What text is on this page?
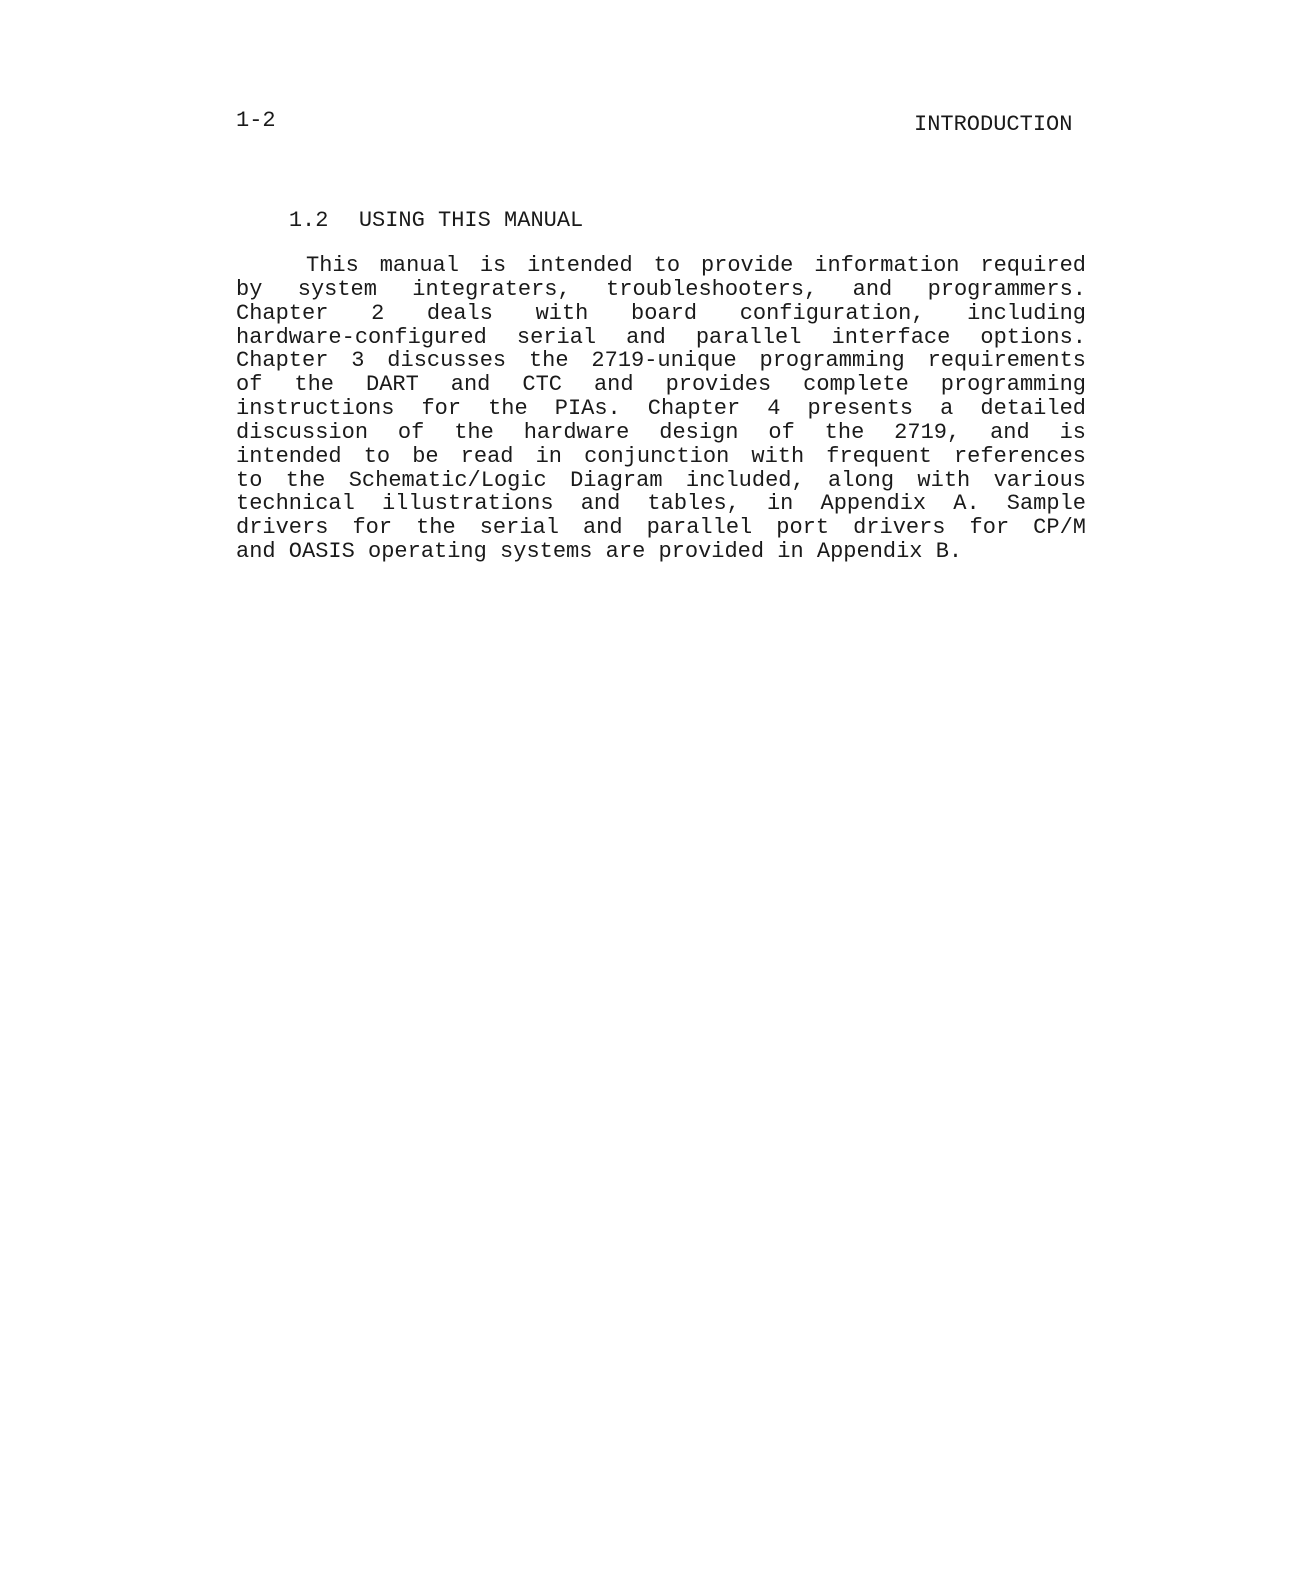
1-2	INTRODUCTION

1.2 USING THIS MANUAL

This manual is intended to provide information required
by system integraters, troubleshooters, and programmers.
Chapter 2 deals with board configuration, including
hardware-configured serial and parallel interface options.
Chapter 3 discusses the 2719-unique programming requirements
of the DART and CTC and provides complete programming
instructions for the PIAs. Chapter 4 presents a detailed
discussion of the hardware design of the 2719, and is
intended to be read in conjunction with frequent references
to the Schematic/Logic Diagram included, along with various
technical illustrations and tables, in Appendix A. Sample
drivers for the serial and parallel port drivers for CP/M
and OASIS operating systems are provided in Appendix B.
